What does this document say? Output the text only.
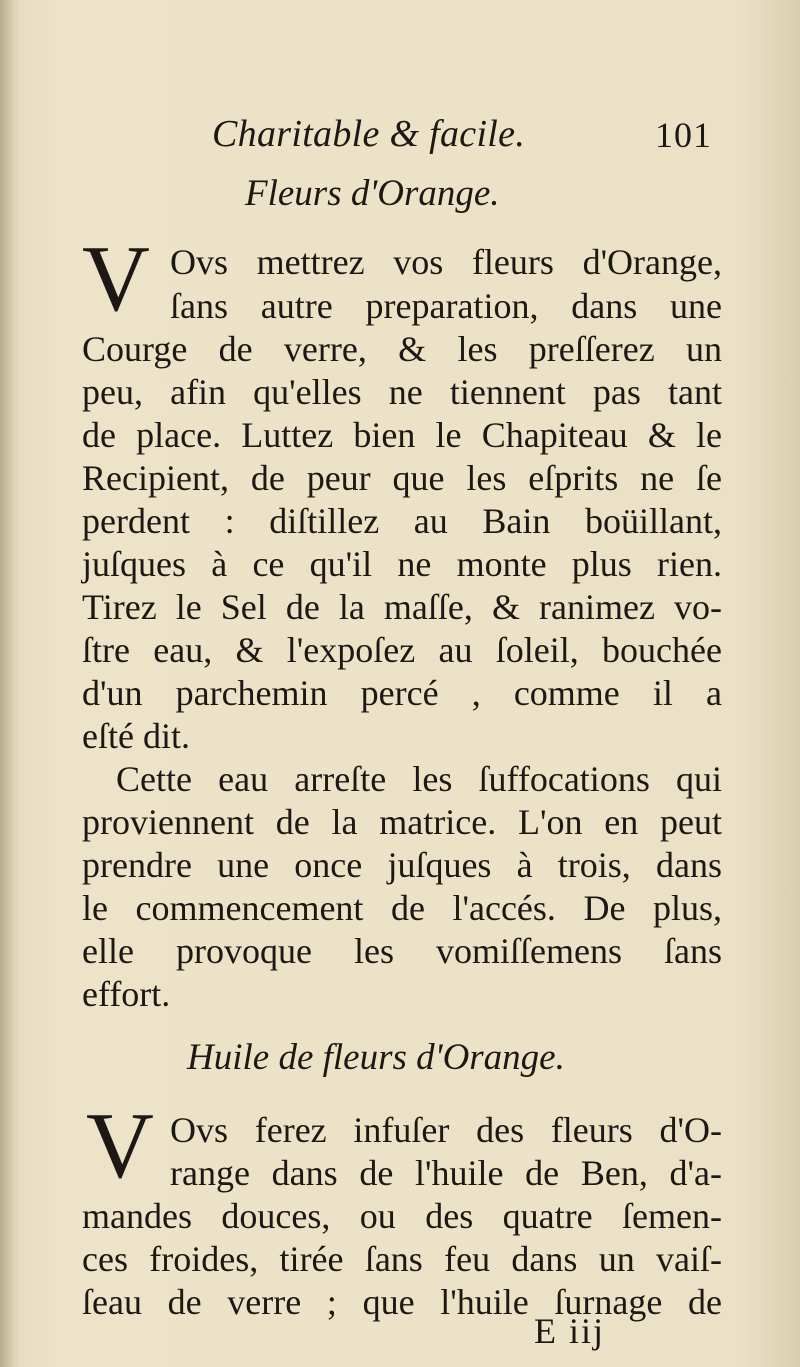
Charitable & facile.	101
Fleurs d'Orange.
V Ovs mettrez vos fleurs d'Orange,
ſans autre preparation, dans une
Courge de verre, & les preſſerez un
peu, afin qu'elles ne tiennent pas tant
de place. Luttez bien le Chapiteau & le
Recipient, de peur que les eſprits ne ſe
perdent : diſtillez au Bain boüillant,
juſques à ce qu'il ne monte plus rien.
Tirez le Sel de la maſſe, & ranimez vo-
ſtre eau, & l'expoſez au ſoleil, bouchée
d'un parchemin percé , comme il a
eſté dit.
Cette eau arreſte les ſuffocations qui
proviennent de la matrice. L'on en peut
prendre une once juſques à trois, dans
le commencement de l'accés. De plus,
elle provoque les vomiſſemens ſans
effort.
Huile de fleurs d'Orange.
V Ovs ferez infuſer des fleurs d'O-
range dans de l'huile de Ben, d'a-
mandes douces, ou des quatre ſemen-
ces froides, tirée ſans feu dans un vaiſ-
ſeau de verre ; que l'huile ſurnage de
E iij
